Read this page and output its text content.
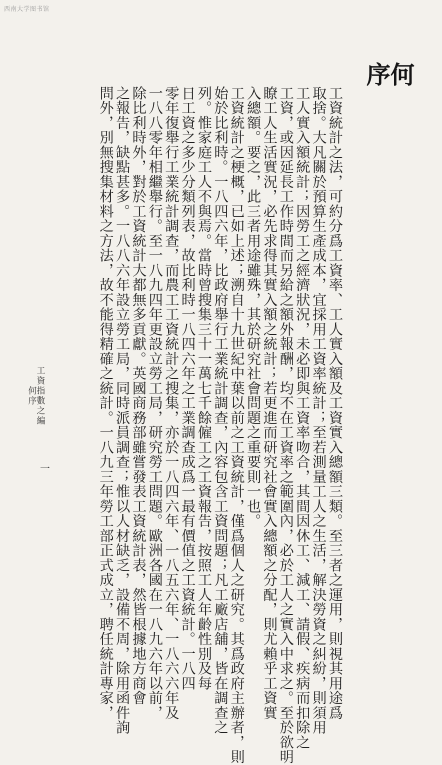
西南大学图书馆
何序
工資統計之法，可約分爲工資率、工人實入額及工資實入總額三類。至三者之運用，則視其用途爲
取捨。大凡關於預算生產成本，宜採用工資率統計；至若測量工人之生活，解決勞資之糾紛，則須用
工人實入額統計；因勞工之經濟狀況，未必即與工資率吻合，其間因休工、減工、請假、疾病而扣除之
工資，或因延長工作時間而另給之額外報酬，均不在工資率之範圍內，必於工人之實入中求之。至於欲明
瞭工人生活實況，必先求得其實入額之統計；若更進而研究社會實入總額之分配，則尤賴乎工資實
入總額。要之，此三者用途雖殊，其於研究社會問題之重要則一也。
工資統計之梗概，已如上述；溯自十九世紀中葉以前之工資統計，僅爲個人之研究。其爲政府主辦者，則
始於比利時。一八四六年，比政府舉行工業統計調查，內容包含工資問題；凡工廠店舖，皆在調查之
列。惟家庭工人不與焉。當時曾搜集三十一萬七千餘僱工之工資報告，按照工人年齡性別及每
日工資之多少分類列表，故比利時一八四六年之工業調查成爲一最有價值之工資統計。一八四
零年復舉行工業統計調查，而農工工資統計之搜集，亦於一八四六年、一八五六年、一八六六年及
一八八零年相繼舉行。至一八九四年更設立勞工局，研究勞工問題。歐洲各國在一八九六年以前，
除比利時外，對於工資統計大都無多貢獻。英國商務部雖嘗發表工資統計表，然皆根據地方商會
之報告，缺點甚多。一八八六年設立勞工局，同時派員調查；惟以人材缺乏，設備不周，除用函件詢
問外，別無搜集材料之方法，故不能得精確之統計。一八九三年勞工部正式成立，聘任統計專家，
工資指數之編
何序
一
